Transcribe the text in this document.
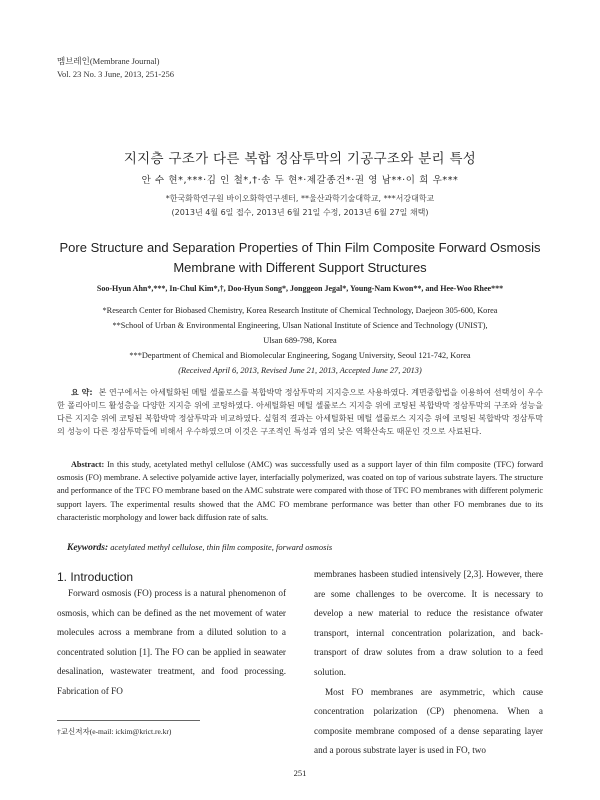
멤브레인(Membrane Journal)
Vol. 23 No. 3 June, 2013, 251-256
지지층 구조가 다른 복합 정삼투막의 기공구조와 분리 특성
안 수 현*,***·김 인 철*,†·송 두 현*·제갈종건*·권 영 남**·이 희 우***
*한국화학연구원 바이오화학연구센터, **울산과학기술대학교, ***서강대학교
(2013년 4월 6일 접수, 2013년 6월 21일 수정, 2013년 6월 27일 채택)
Pore Structure and Separation Properties of Thin Film Composite Forward Osmosis Membrane with Different Support Structures
Soo-Hyun Ahn*,***, In-Chul Kim*,†, Doo-Hyun Song*, Jonggeon Jegal*, Young-Nam Kwon**, and Hee-Woo Rhee***
*Research Center for Biobased Chemistry, Korea Research Institute of Chemical Technology, Daejeon 305-600, Korea
**School of Urban & Environmental Engineering, Ulsan National Institute of Science and Technology (UNIST),
Ulsan 689-798, Korea
***Department of Chemical and Biomolecular Engineering, Sogang University, Seoul 121-742, Korea
(Received April 6, 2013, Revised June 21, 2013, Accepted June 27, 2013)
요 약: 본 연구에서는 아세틸화된 메틸 셀룰로스를 복합박막 정삼투막의 지지층으로 사용하였다. 계면중합법을 이용하여 선택성이 우수한 폴리아미드 활성층을 다양한 지지층 위에 코팅하였다. 아세틸화된 메틸 셀룰로스 지지층 위에 코팅된 복합박막 정삼투막의 구조와 성능을 다른 지지층 위에 코팅된 복합박막 정삼투막과 비교하였다. 실험적 결과는 아세틸화된 메틸 셀룰로스 지지층 위에 코팅된 복합박막 정삼투막의 성능이 다른 정삼투막들에 비해서 우수하였으며 이것은 구조적인 특성과 염의 낮은 역확산속도 때문인 것으로 사료된다.
Abstract: In this study, acetylated methyl cellulose (AMC) was successfully used as a support layer of thin film composite (TFC) forward osmosis (FO) membrane. A selective polyamide active layer, interfacially polymerized, was coated on top of various substrate layers. The structure and performance of the TFC FO membrane based on the AMC substrate were compared with those of TFC FO membranes with different polymeric support layers. The experimental results showed that the AMC FO membrane performance was better than other FO membranes due to its characteristic morphology and lower back diffusion rate of salts.
Keywords: acetylated methyl cellulose, thin film composite, forward osmosis
1. Introduction
Forward osmosis (FO) process is a natural phenomenon of osmosis, which can be defined as the net movement of water molecules across a membrane from a diluted solution to a concentrated solution [1]. The FO can be applied in seawater desalination, wastewater treatment, and food processing. Fabrication of FO
membranes hasbeen studied intensively [2,3]. However, there are some challenges to be overcome. It is necessary to develop a new material to reduce the resistance ofwater transport, internal concentration polarization, and back-transport of draw solutes from a draw solution to a feed solution.
Most FO membranes are asymmetric, which cause concentration polarization (CP) phenomena. When a composite membrane composed of a dense separating layer and a porous substrate layer is used in FO, two
†교신저자(e-mail: ickim@krict.re.kr)
251
